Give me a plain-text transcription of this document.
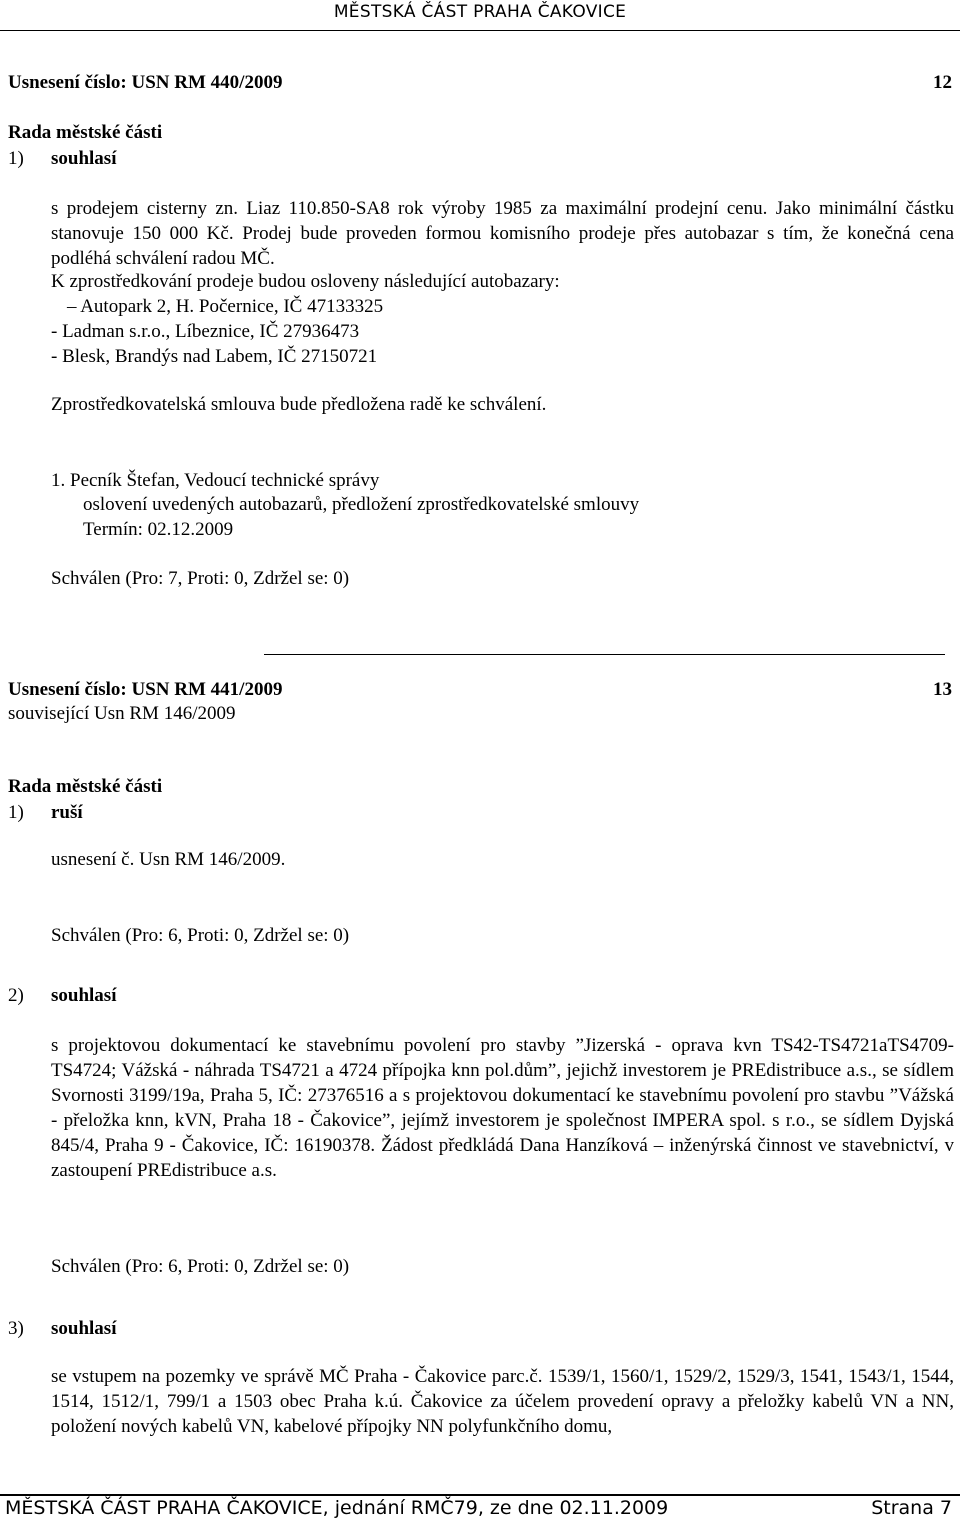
MĚSTSKÁ ČÁST PRAHA ČAKOVICE
Usnesení číslo: USN RM 440/2009	12
Rada městské části
1) souhlasí
s prodejem cisterny zn. Liaz 110.850-SA8 rok výroby 1985 za maximální prodejní cenu. Jako minimální částku stanovuje 150 000 Kč. Prodej bude proveden formou komisního prodeje přes autobazar s tím, že konečná cena podléhá schválení radou MČ.
K zprostředkování prodeje budou osloveny následující autobazary:
– Autopark 2, H. Počernice, IČ 47133325
- Ladman s.r.o., Líbeznice, IČ 27936473
- Blesk, Brandýs nad Labem, IČ 27150721
Zprostředkovatelská smlouva bude předložena radě ke schválení.
1. Pecník Štefan, Vedoucí technické správy
oslovení uvedených autobazarů, předložení zprostředkovatelské smlouvy
Termín: 02.12.2009
Schválen (Pro: 7, Proti: 0, Zdržel se: 0)
Usnesení číslo: USN RM 441/2009	13
související Usn RM 146/2009
Rada městské části
1) ruší
usnesení č. Usn RM 146/2009.
Schválen (Pro: 6, Proti: 0, Zdržel se: 0)
2) souhlasí
s projektovou dokumentací ke stavebnímu povolení pro stavby ”Jizerská - oprava kvn TS42-TS4721aTS4709-TS4724; Vážská - náhrada TS4721 a 4724 přípojka knn pol.dům”, jejichž investorem je PREdistribuce a.s., se sídlem Svornosti 3199/19a, Praha 5, IČ: 27376516 a s projektovou dokumentací ke stavebnímu povolení pro stavbu ”Vážská - přeložka knn, kVN, Praha 18 - Čakovice”, jejímž investorem je společnost IMPERA spol. s r.o., se sídlem Dyjská 845/4, Praha 9 - Čakovice, IČ: 16190378. Žádost předkládá Dana Hanzíková – inženýrská činnost ve stavebnictví, v zastoupení PREdistribuce a.s.
Schválen (Pro: 6, Proti: 0, Zdržel se: 0)
3) souhlasí
se vstupem na pozemky ve správě MČ Praha - Čakovice parc.č. 1539/1, 1560/1, 1529/2, 1529/3, 1541, 1543/1, 1544, 1514, 1512/1, 799/1 a 1503 obec Praha k.ú. Čakovice za účelem provedení opravy a přeložky kabelů VN a NN, položení nových kabelů VN, kabelové přípojky NN polyfunkčního domu,
MĚSTSKÁ ČÁST PRAHA ČAKOVICE, jednání RMČ79, ze dne 02.11.2009	Strana 7
